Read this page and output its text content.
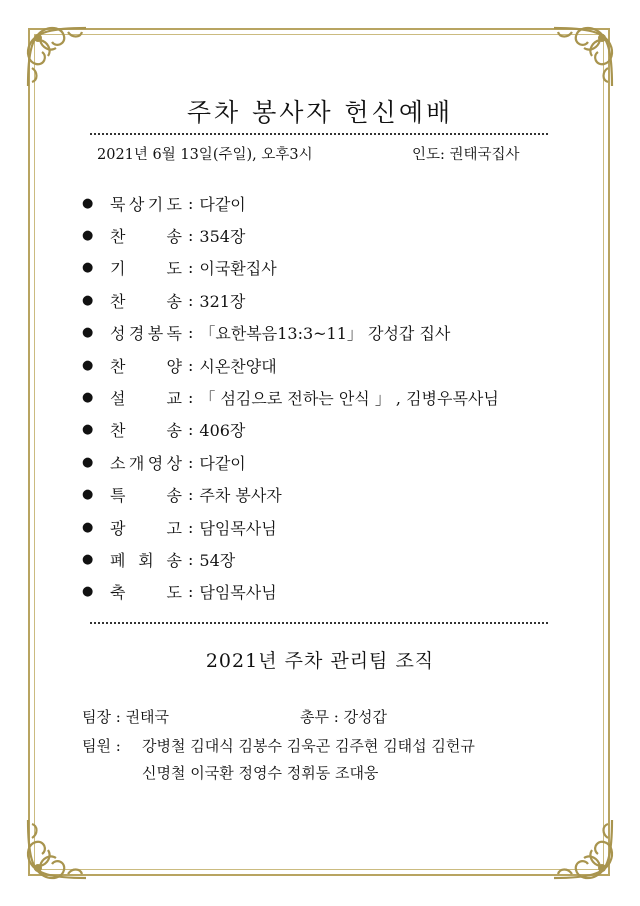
주차 봉사자 헌신예배
2021년 6월 13일(주일), 오후3시	인도: 권태국집사
●	묵 상 기 도 : 다같이
●	찬	송 : 354장
●	기	도 : 이국환집사
●	찬	송 : 321장
●	성 경 봉 독 : 「요한복음13:3~11」 강성갑 집사
●	찬	양 : 시온찬양대
●	설	교 : 「 섬김으로 전하는 안식 」 , 김병우목사님
●	찬	송 : 406장
●	소 개 영 상 : 다같이
●	특	송 : 주차 봉사자
●	광	고 : 담임목사님
●	폐 회 송 : 54장
●	축	도 : 담임목사님
2021년 주차 관리팀 조직
팀장 : 권태국	총무 : 강성갑
팀원 : 강병철 김대식 김봉수 김욱곤 김주현 김태섭 김헌규
신명철 이국환 정영수 정휘동 조대웅
